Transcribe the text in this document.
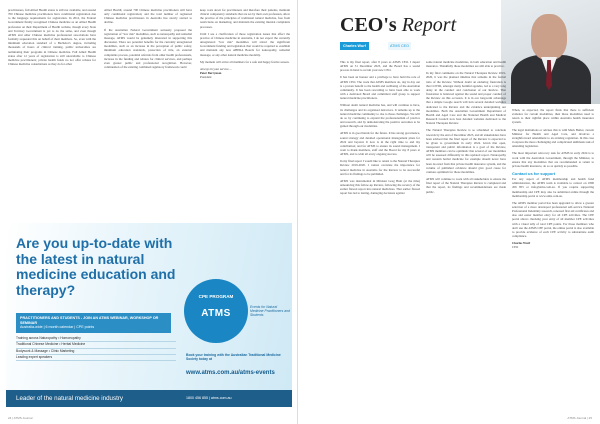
practitioners, full Allied Health status is still not available, and around 700 Chinese medicine practitioners have conditional registration due to the language requirements for registration. In 2012, the Federal Government finally recognised Chinese medicine as an Allied Health profession on their Department of Health website, though every State and Territory Government is yet to do the same, and even though ATMS and other Chinese medicine professional associations have formally requested this on behalf of their members. So, even with the minimum education standard of a Bachelor's degree, including thousands of hours of clinical training, public universities are terminating their programs in Chinese medicine. Full Allied Health status after 12 years of registration is still unavailable to Chinese medicine practitioners; private health funds no not offer rebates for Chinese medicine consultations as they do for other

Allied Health; around 700 Chinese medicine practitioners still have only conditional registration; and the total number of registered Chinese medicine practitioners in Australia has slowly started to decline.

If the Australian Federal Government seriously proposed the registration of "low risk" modalities, such as naturopathy and remedial massage, ATMS would be genuinely interested in supporting this discussion. There are potential benefits for the currently unregistered modalities, such as an increase in the perception of public safety, minimum education standards, protection of title, an external complaints process, potential referrals from other health professionals, increase in the funding and rebates for clinical services, and perhaps even greater public and professional recognition. However, continuation of the existing combined regulatory framework could

keep costs down for practitioners and therefore their patients, maintain clinical competency standards that are set by their own profession, allow the practice of the principles of traditional natural medicine, free from restrictions on marketing, and maintain the existing internal complaints processes.

Until I see a clarification of those registration issues that affect the practice of Chinese medicine in Australia, I do not expect the currently unregistered "low risk" modalities will attract the significant Government funding and legislation that would be required to establish and maintain any new AHPRA Boards for naturopathy, remedial massage, or any other natural medicine modality.

My moment will arrive all members for a safe and happy festive season.

Always in your service…

Peter Berryman
President
Are you up-to-date with the latest in natural medicine education and therapy?
PRACTITIONERS AND STUDENTS - JOIN AN ATMS WEBINAR, WORKSHOP OR SEMINAR
Australia-wide | 6 month calendar | CPE points
Training across Naturopathy • Homoeopathy
Traditional Chinese Medicine • Herbal Medicine
Bodywork & Massage • Clinic Marketing
Leading expert speakers
CPE PROGRAM
ATMS
Events for Natural Medicine Practitioners and Students
Book your training with the Australian Traditional Medicine Society today at
www.atms.com.au/atms-events
Leader of the natural medicine industry	1800 456 855 | atms.com.au
24 | ATMS Journal
CEO's Report
Charles Wurf	ATMS CEO

This is my final report, after 8 years as ATMS CEO. I depart ATMS on 31 December 2023, and the Board has a sound process in hand to recruit your new CEO.

It has been an honour and a privilege to have held the role of ATMS CEO. The work that ATMS members do, day in day out is a proven benefit to the health and wellbeing of the Australian community. It has been rewarding to have been able to work with a dedicated Board and committed staff group to support natural medicine practitioners.

Without doubt natural medicine has, and will continue to have, its challenges and its organised detractors. It remains up to the natural medicine community to rise to those challenges. We will do so by continuing to expand the professionalism of practice and research, and by demonstrating the positive outcomes to be gained through our modalities.

ATMS is in good hands for the future. It has strong governance, sound strategy and detailed operational management plans for 2024 and beyond. It now is in the right time to end my contribution; and for ATMS to ensure its sound management. I want to thank members, staff and the Board for my 8 years at ATMS, and to wish all every ongoing success.

In my final report I would like to return to the Natural Therapies Review 2019-2020. I cannot overstate the importance for natural medicine in Australia for the Review to be successful and for its findings to be published.

ATMS was instrumental in Minister Greg Hunt (at the time) announcing this follow-up Review, following the recency of the earlier flawed report into natural medicines. That earlier flawed report has led to lasting, damaging decisions against

some natural medicine modalities, in both education and health insurance. Thankfully those modalities are still able to practice.

In my final comments on the Natural Therapies Review 2019-2020, it was the planned timeline that remains in the formal ratio of the Review. Without doubt an enduring frustration is that COVID, amongst many harmful agendas, led to a very long delay in the conduct and conclusion of our Review. That frustration is balanced against the sound and proper conduct of the Review on this occasion. It is in our long-term advantage that a simple Google search will turn several detailed websites dedicated to the Review and the evidence underpinning our modalities. Both the Australian Government Department of Health and Aged Care and the National Health and Medical Research Council now host detailed websites dedicated to the Natural Therapies Review.

The Natural Therapies Review is so scheduled to conclude towards by the end of December 2023, and all stakeholders have been advised that the final report of the Review is expected to be given to government in early 2024. Given that open, transparent and public information is a goal of the Review, ATMS members can be optimistic that several of our modalities will be assessed differently in this updated report. Naturopathy and western herbal medicine for example should never have been de-rated from that private health insurance system, and the volume of published evidence should give good cause for cautious optimism for those modalities.

ATMS will continue to work with all stakeholders to ensure the final report of the Natural Therapies Review is completed and that the report, its findings and recommendations are made public.

When, as expected, the report finds that there is sufficient evidence for certain modalities, then those modalities need to return to their rightful place within Australia health insurance system.

The legal institutions or advises this is with Mark Butler, current Minister for Health and Aged Care, and involves a straightforward amendment to an existing regulation. In this case it express the more challenging and complicated skillmask task of amending legislation.

The most important advocacy task for ATMS in early 2024 is to work with the Australian Government, through the Minister, to ensure that any modalities that are recommended to return to private health insurance, do so as quickly as possible.

Contact us for support

For any aspect of ATMS membership and health fund administration, the ATMS team is available to contact on 1800 456 855 or info@atms.com.au. If you require supporting membership and CPE may also be submitted online through the membership portal at www.atms.com.au.

The ATMS member portal has been upgraded to allow a greater selection of a more developed professional self-service National Professional Indemnity research, renewed first aid certificates and also and easier member entry for all CPE activities. The CPE portal allows checking your entry of all member CPE activities with a visual tally of total CPE points. For those members who don't use the ATMS CPE portal, the online portal is also available to provide evidence of each CPE activity to substantiate audit compliance.

Charles Wurf
CEO
ATMS Journal | 25
